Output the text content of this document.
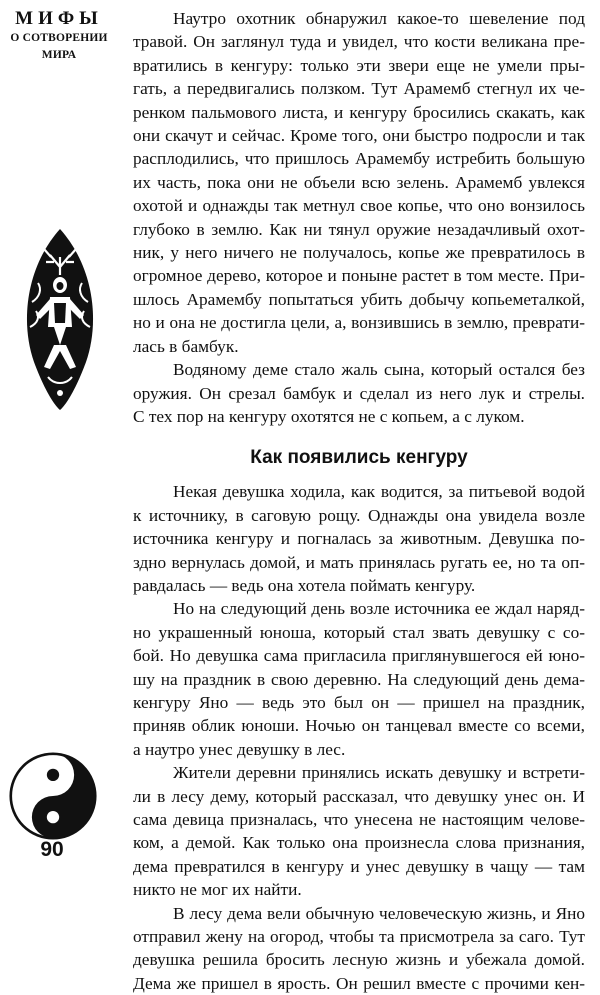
МИФЫ
О СОТВОРЕНИИ
МИРА
90
Наутро охотник обнаружил какое-то шевеление под
травой. Он заглянул туда и увидел, что кости великана пре-
вратились в кенгуру: только эти звери еще не умели пры-
гать, а передвигались ползком. Тут Арамемб стегнул их че-
ренком пальмового листа, и кенгуру бросились скакать, как
они скачут и сейчас. Кроме того, они быстро подросли и так
расплодились, что пришлось Арамембу истребить большую
их часть, пока они не объели всю зелень. Арамемб увлекся
охотой и однажды так метнул свое копье, что оно вонзилось
глубоко в землю. Как ни тянул оружие незадачливый охот-
ник, у него ничего не получалось, копье же превратилось в
огромное дерево, которое и поныне растет в том месте. При-
шлось Арамембу попытаться убить добычу копьеметалкой,
но и она не достигла цели, а, вонзившись в землю, преврати-
лась в бамбук.
Водяному деме стало жаль сына, который остался без
оружия. Он срезал бамбук и сделал из него лук и стрелы.
С тех пор на кенгуру охотятся не с копьем, а с луком.
Как появились кенгуру
Некая девушка ходила, как водится, за питьевой водой
к источнику, в саговую рощу. Однажды она увидела возле
источника кенгуру и погналась за животным. Девушка по-
здно вернулась домой, и мать принялась ругать ее, но та оп-
равдалась — ведь она хотела поймать кенгуру.
Но на следующий день возле источника ее ждал наряд-
но украшенный юноша, который стал звать девушку с со-
бой. Но девушка сама пригласила приглянувшегося ей юно-
шу на праздник в свою деревню. На следующий день дема-
кенгуру Яно — ведь это был он — пришел на праздник,
приняв облик юноши. Ночью он танцевал вместе со всеми,
а наутро унес девушку в лес.
Жители деревни принялись искать девушку и встрети-
ли в лесу дему, который рассказал, что девушку унес он. И
сама девица призналась, что унесена не настоящим челове-
ком, а демой. Как только она произнесла слова признания,
дема превратился в кенгуру и унес девушку в чащу — там
никто не мог их найти.
В лесу дема вели обычную человеческую жизнь, и Яно
отправил жену на огород, чтобы та присмотрела за саго. Тут
девушка решила бросить лесную жизнь и убежала домой.
Дема же пришел в ярость. Он решил вместе с прочими кен-
